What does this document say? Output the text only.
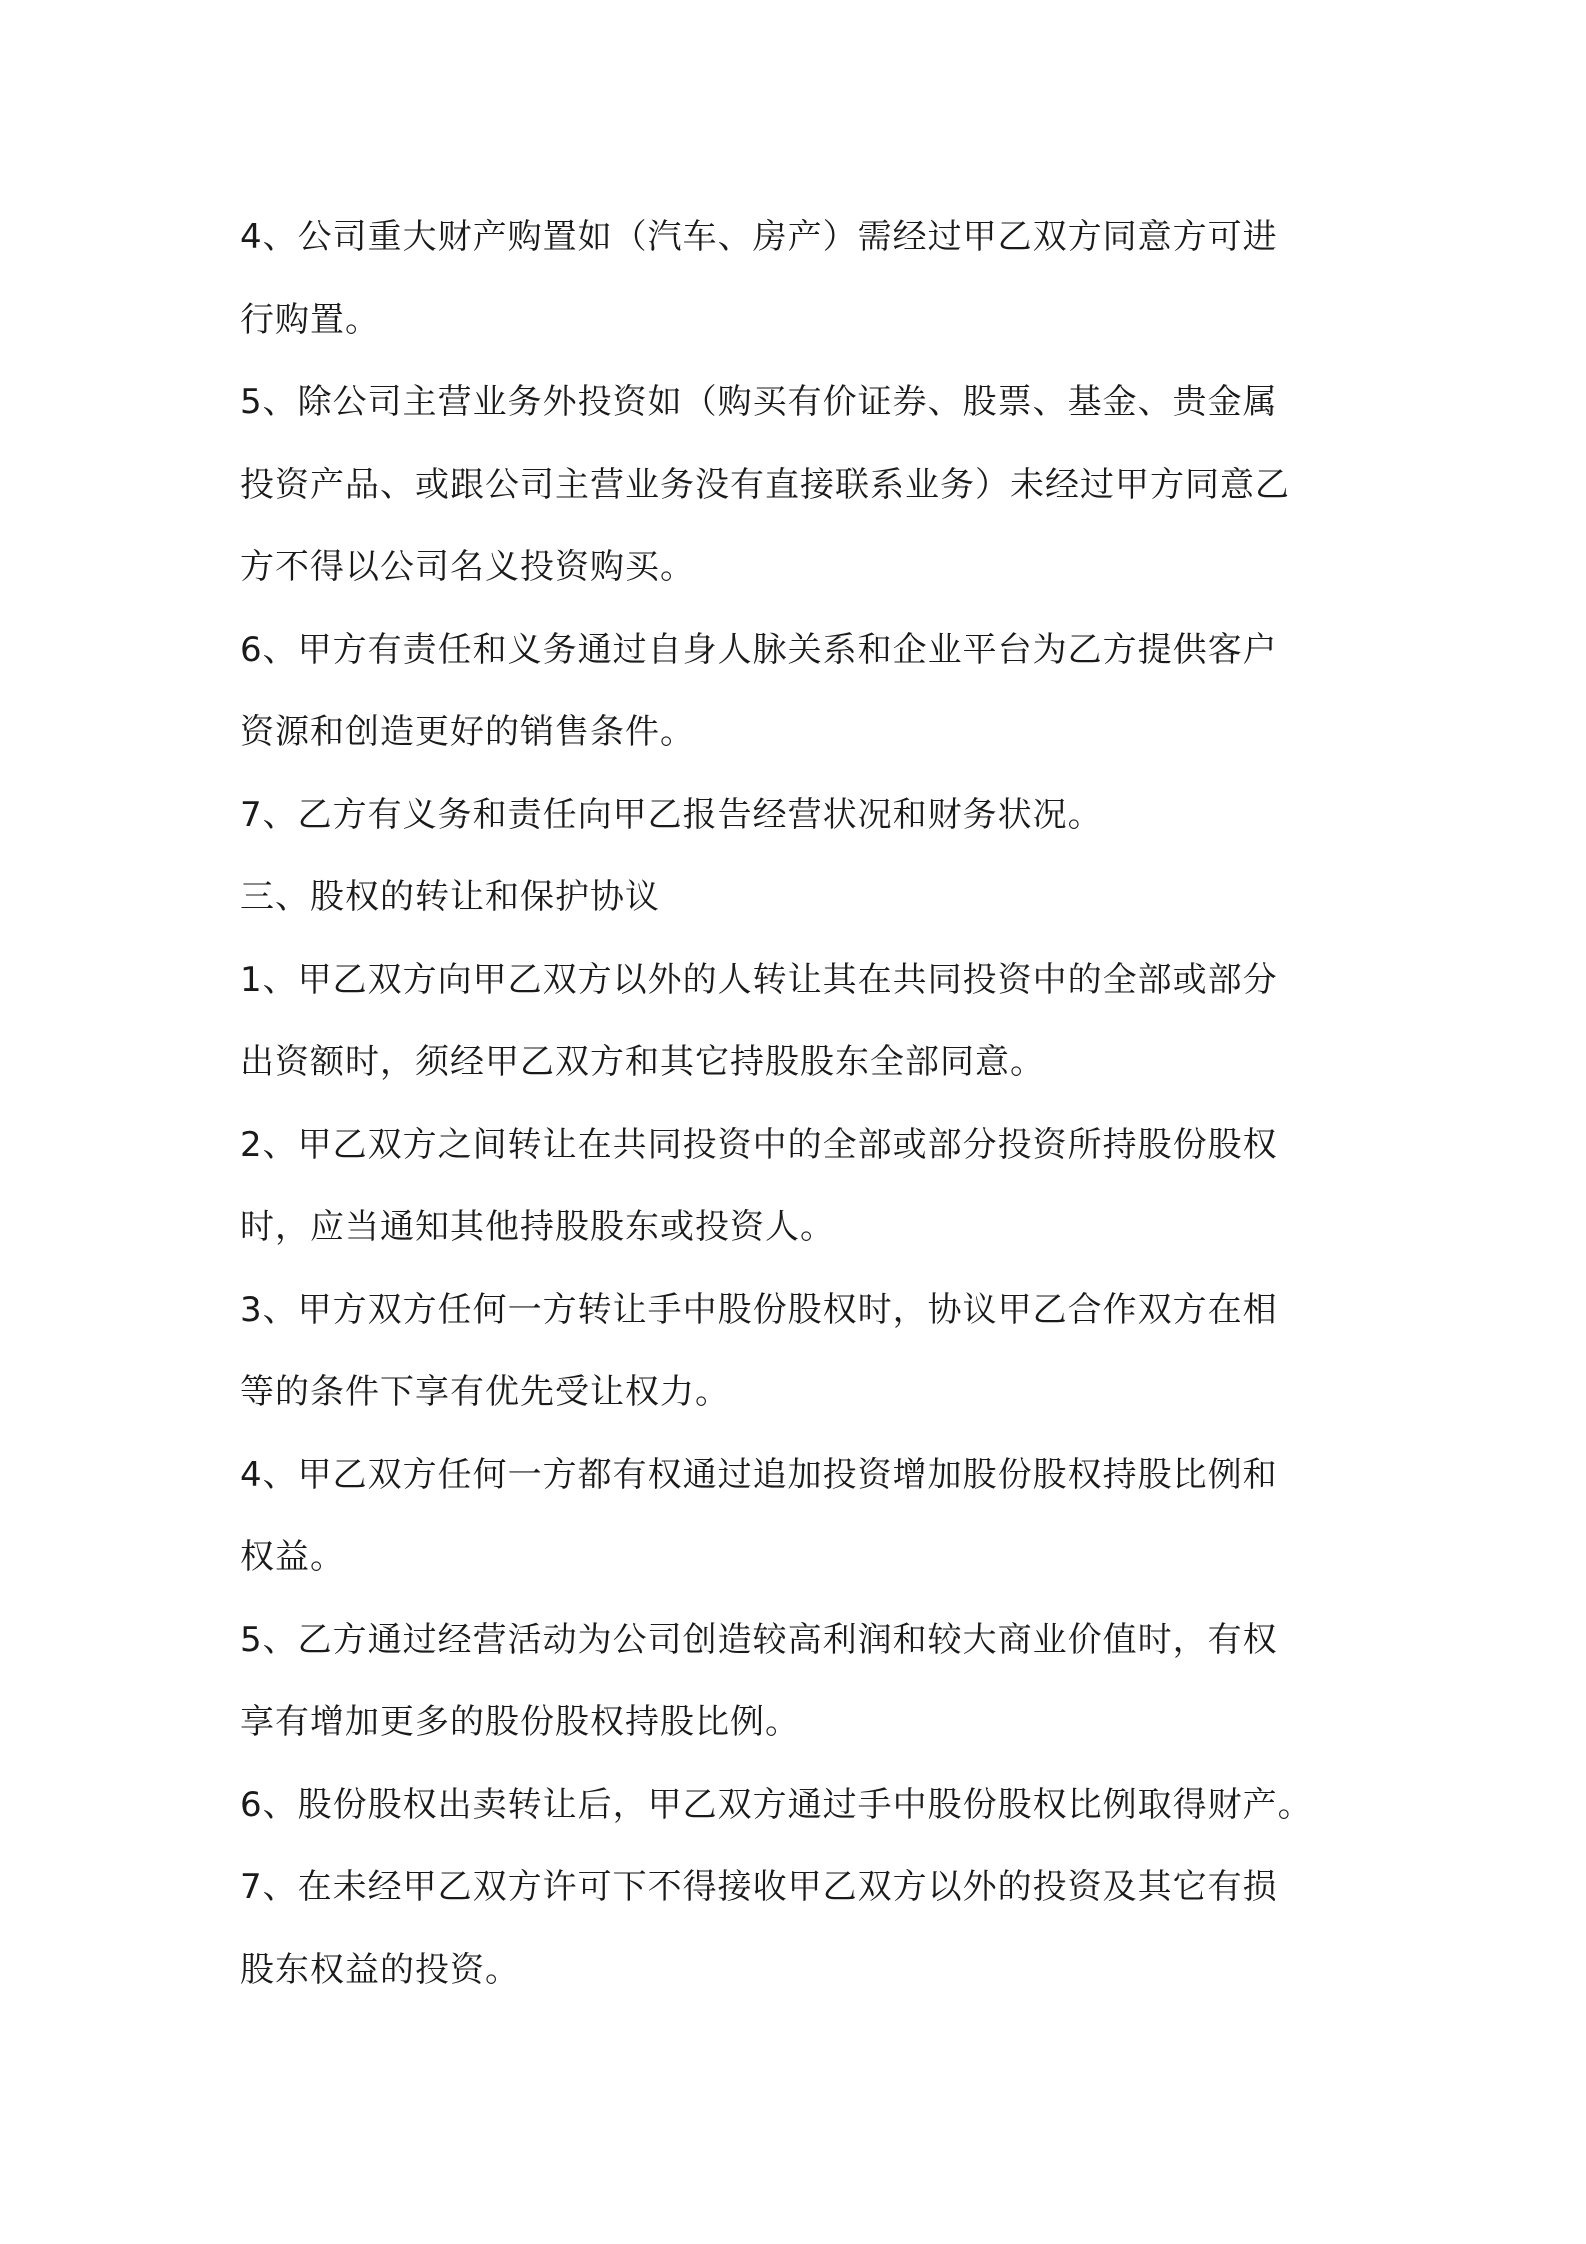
4、公司重大财产购置如（汽车、房产）需经过甲乙双方同意方可进
行购置。
5、除公司主营业务外投资如（购买有价证券、股票、基金、贵金属
投资产品、或跟公司主营业务没有直接联系业务）未经过甲方同意乙
方不得以公司名义投资购买。
6、甲方有责任和义务通过自身人脉关系和企业平台为乙方提供客户
资源和创造更好的销售条件。
7、乙方有义务和责任向甲乙报告经营状况和财务状况。
三、股权的转让和保护协议
1、甲乙双方向甲乙双方以外的人转让其在共同投资中的全部或部分
出资额时，须经甲乙双方和其它持股股东全部同意。
2、甲乙双方之间转让在共同投资中的全部或部分投资所持股份股权
时，应当通知其他持股股东或投资人。
3、甲方双方任何一方转让手中股份股权时，协议甲乙合作双方在相
等的条件下享有优先受让权力。
4、甲乙双方任何一方都有权通过追加投资增加股份股权持股比例和
权益。
5、乙方通过经营活动为公司创造较高利润和较大商业价值时，有权
享有增加更多的股份股权持股比例。
6、股份股权出卖转让后，甲乙双方通过手中股份股权比例取得财产。
7、在未经甲乙双方许可下不得接收甲乙双方以外的投资及其它有损
股东权益的投资。
